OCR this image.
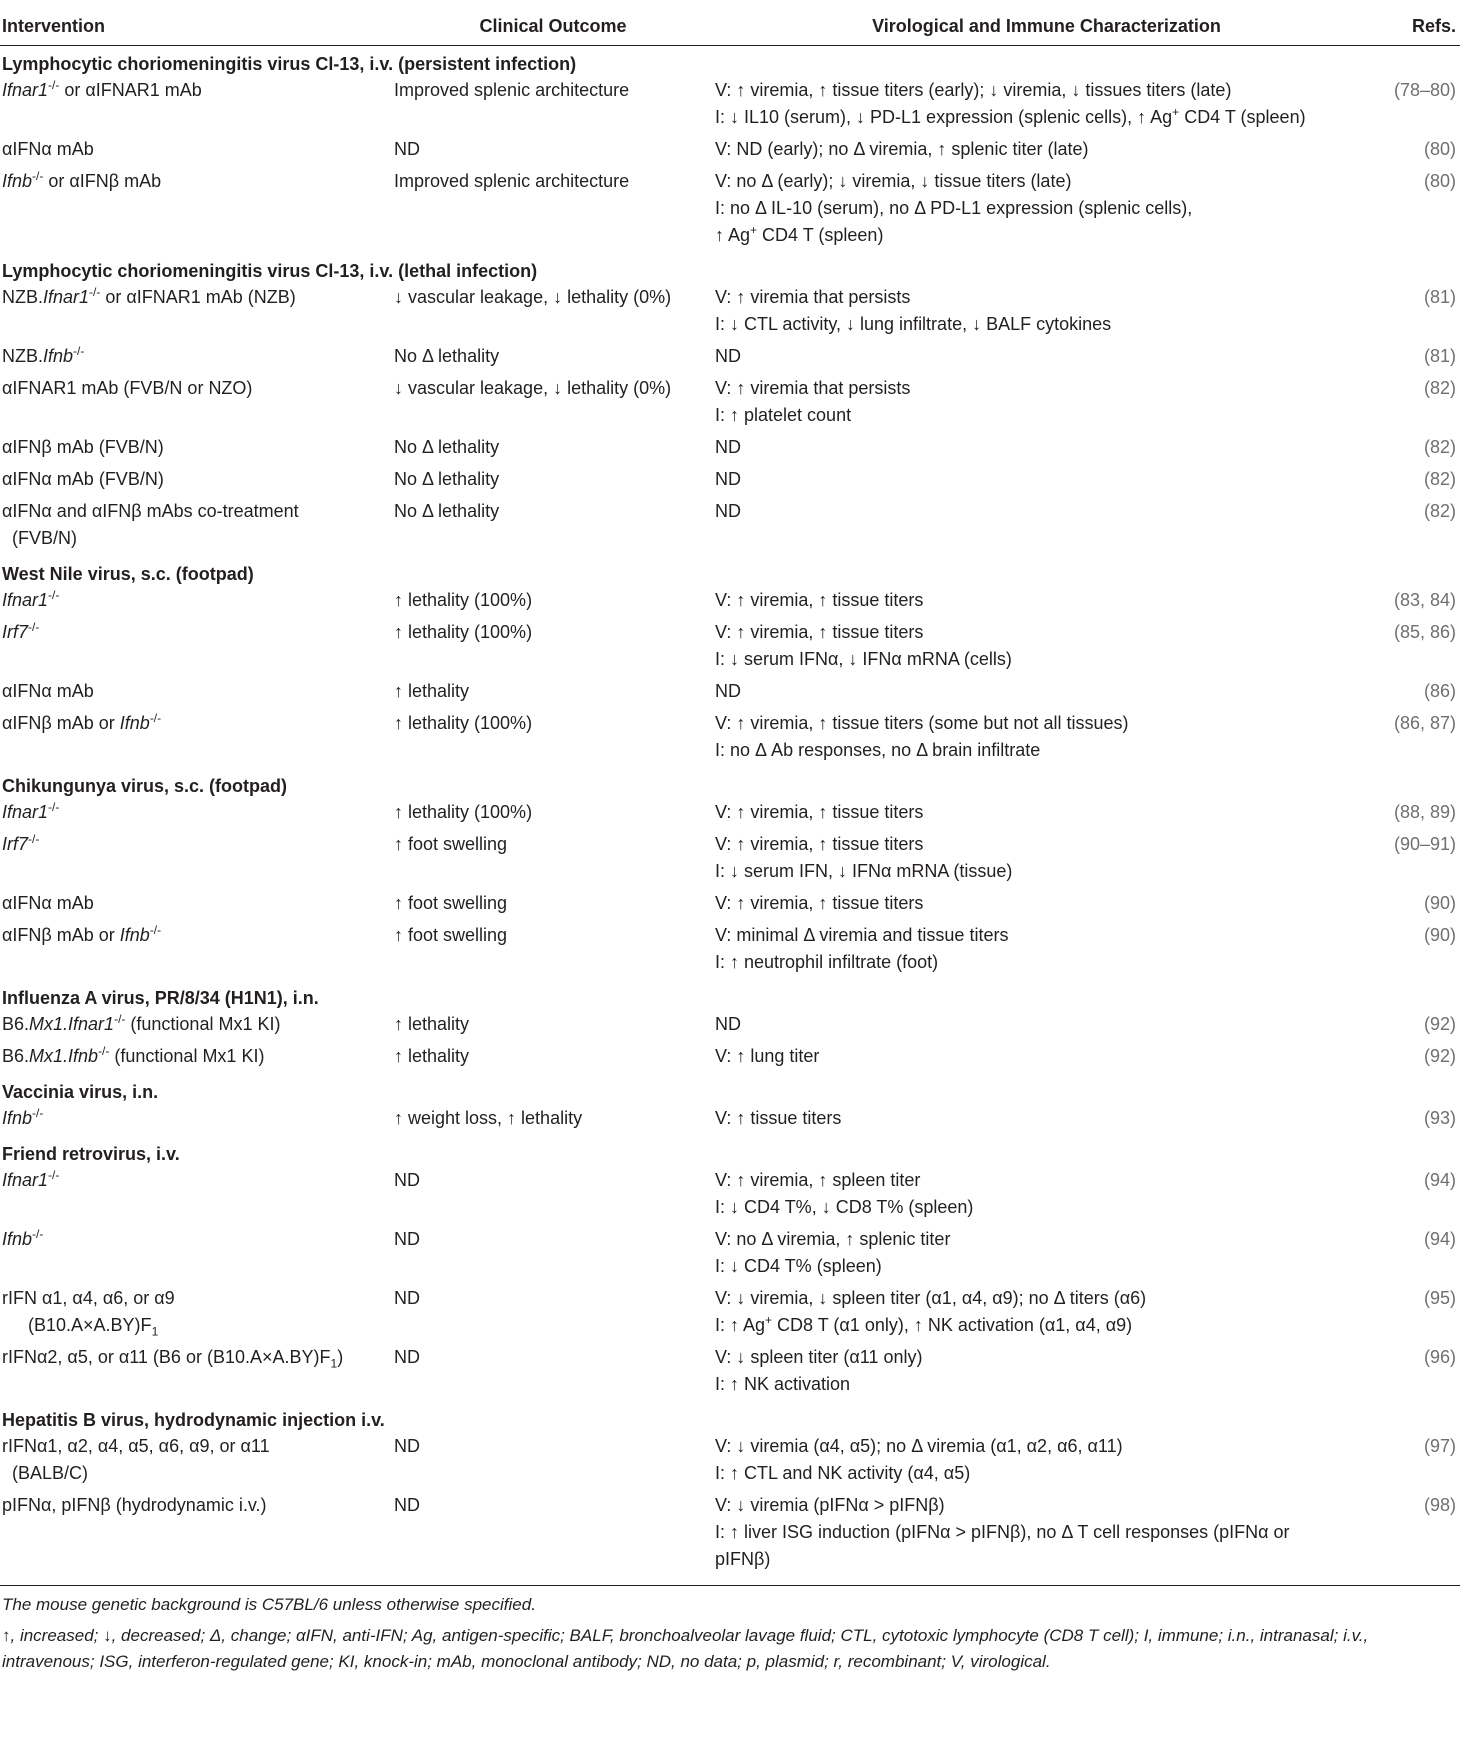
Intervention	Clinical Outcome	Virological and Immune Characterization	Refs.
Lymphocytic choriomeningitis virus Cl-13, i.v. (persistent infection)			

Ifnar1-/- or αIFNAR1 mAb	Improved splenic architecture	V: ↑ viremia, ↑ tissue titers (early); ↓ viremia, ↓ tissues titers (late)
I: ↓ IL10 (serum), ↓ PD-L1 expression (splenic cells), ↑ Ag+ CD4 T (spleen)	(78–80)

αIFNα mAb	ND	V: ND (early); no Δ viremia, ↑ splenic titer (late)	(80)

Ifnb-/- or αIFNβ mAb	Improved splenic architecture	V: no Δ (early); ↓ viremia, ↓ tissue titers (late)
I: no Δ IL-10 (serum), no Δ PD-L1 expression (splenic cells),
↑ Ag+ CD4 T (spleen)	(80)
Lymphocytic choriomeningitis virus Cl-13, i.v. (lethal infection)			

NZB.Ifnar1-/- or αIFNAR1 mAb (NZB)	↓ vascular leakage, ↓ lethality (0%)	V: ↑ viremia that persists
I: ↓ CTL activity, ↓ lung infiltrate, ↓ BALF cytokines	(81)

NZB.Ifnb-/-	No Δ lethality	ND	(81)

αIFNAR1 mAb (FVB/N or NZO)	↓ vascular leakage, ↓ lethality (0%)	V: ↑ viremia that persists
I: ↑ platelet count	(82)

αIFNβ mAb (FVB/N)	No Δ lethality	ND	(82)

αIFNα mAb (FVB/N)	No Δ lethality	ND	(82)

αIFNα and αIFNβ mAbs co-treatment
(FVB/N)	No Δ lethality	ND	(82)
West Nile virus, s.c. (footpad)			

Ifnar1-/-	↑ lethality (100%)	V: ↑ viremia, ↑ tissue titers	(83, 84)

Irf7-/-	↑ lethality (100%)	V: ↑ viremia, ↑ tissue titers
I: ↓ serum IFNα, ↓ IFNα mRNA (cells)	(85, 86)

αIFNα mAb	↑ lethality	ND	(86)

αIFNβ mAb or Ifnb-/-	↑ lethality (100%)	V: ↑ viremia, ↑ tissue titers (some but not all tissues)
I: no Δ Ab responses, no Δ brain infiltrate	(86, 87)
Chikungunya virus, s.c. (footpad)			

Ifnar1-/-	↑ lethality (100%)	V: ↑ viremia, ↑ tissue titers	(88, 89)

Irf7-/-	↑ foot swelling	V: ↑ viremia, ↑ tissue titers
I: ↓ serum IFN, ↓ IFNα mRNA (tissue)	(90–91)

αIFNα mAb	↑ foot swelling	V: ↑ viremia, ↑ tissue titers	(90)

αIFNβ mAb or Ifnb-/-	↑ foot swelling	V: minimal Δ viremia and tissue titers
I: ↑ neutrophil infiltrate (foot)	(90)
Influenza A virus, PR/8/34 (H1N1), i.n.			

B6.Mx1.Ifnar1-/- (functional Mx1 KI)	↑ lethality	ND	(92)

B6.Mx1.Ifnb-/- (functional Mx1 KI)	↑ lethality	V: ↑ lung titer	(92)
Vaccinia virus, i.n.			

Ifnb-/-	↑ weight loss, ↑ lethality	V: ↑ tissue titers	(93)
Friend retrovirus, i.v.			

Ifnar1-/-	ND	V: ↑ viremia, ↑ spleen titer
I: ↓ CD4 T%, ↓ CD8 T% (spleen)	(94)

Ifnb-/-	ND	V: no Δ viremia, ↑ splenic titer
I: ↓ CD4 T% (spleen)	(94)

rIFN α1, α4, α6, or α9
$(B10.A\times A.BY)F_1$	ND	V: ↓ viremia, ↓ spleen titer (α1, α4, α9); no Δ titers (α6)
I: ↑ Ag+ CD8 T (α1 only), ↑ NK activation (α1, α4, α9)	(95)

rIFNα2, α5, or α11 (B6 or $(B10.A\times A.BY)F_1$)	ND	V: ↓ spleen titer (α11 only)
I: ↑ NK activation	(96)
Hepatitis B virus, hydrodynamic injection i.v.			

rIFNα1, α2, α4, α5, α6, α9, or α11
(BALB/C)	ND	V: ↓ viremia (α4, α5); no Δ viremia (α1, α2, α6, α11)
I: ↑ CTL and NK activity (α4, α5)	(97)

pIFNα, pIFNβ (hydrodynamic i.v.)	ND	V: ↓ viremia (pIFNα > pIFNβ)
I: ↑ liver ISG induction (pIFNα > pIFNβ), no Δ T cell responses (pIFNα or
pIFNβ)	(98)

The mouse genetic background is C57BL/6 unless otherwise specified.

↑, increased; ↓, decreased; Δ, change; αIFN, anti-IFN; Ag, antigen-specific; BALF, bronchoalveolar lavage fluid; CTL, cytotoxic lymphocyte (CD8 T cell); I, immune; i.n., intranasal; i.v., intravenous; ISG, interferon-regulated gene; KI, knock-in; mAb, monoclonal antibody; ND, no data; p, plasmid; r, recombinant; V, virological.
